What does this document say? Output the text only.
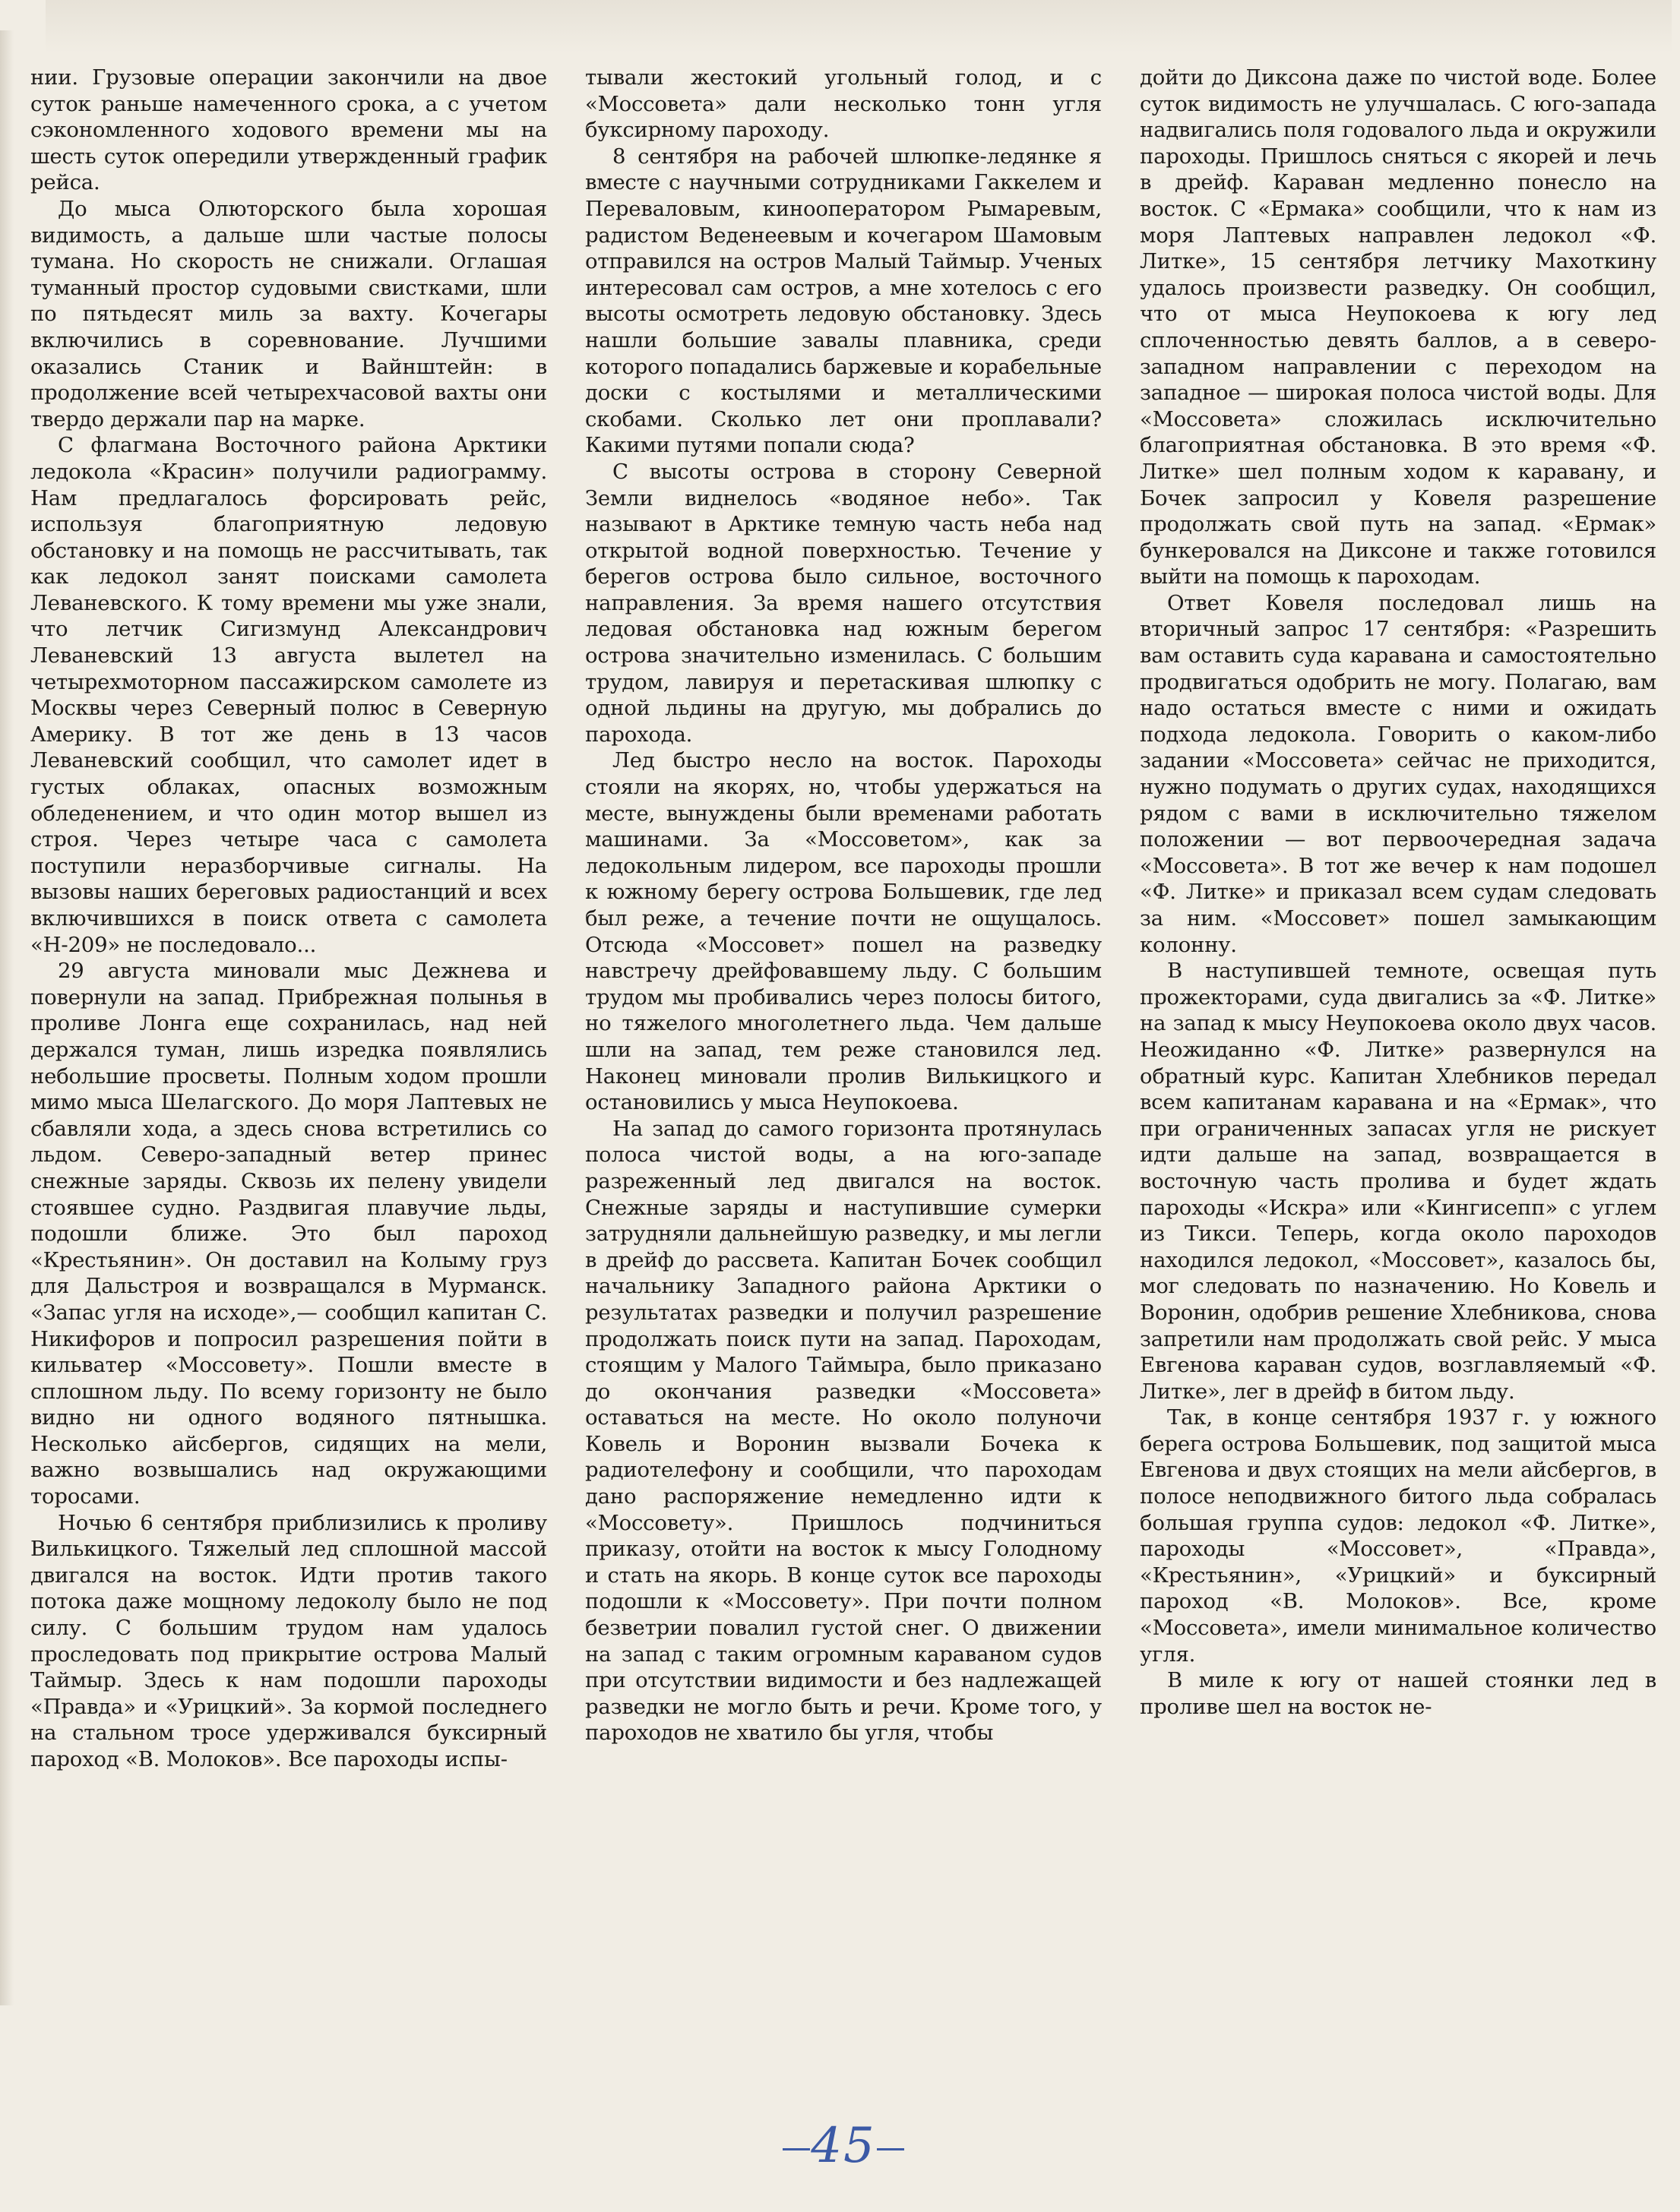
нии. Грузовые операции закончили на двое суток раньше намеченного срока, а с учетом сэкономленного ходового времени мы на шесть суток опередили утвержденный график рейса.

До мыса Олюторского была хорошая видимость, а дальше шли частые полосы тумана. Но скорость не снижали. Оглашая туманный простор судовыми свистками, шли по пятьдесят миль за вахту. Кочегары включились в соревнование. Лучшими оказались Станик и Вайнштейн: в продолжение всей четырехчасовой вахты они твердо держали пар на марке.

С флагмана Восточного района Арктики ледокола «Красин» получили радиограмму. Нам предлагалось форсировать рейс, используя благоприятную ледовую обстановку и на помощь не рассчитывать, так как ледокол занят поисками самолета Леваневского. К тому времени мы уже знали, что летчик Сигизмунд Александрович Леваневский 13 августа вылетел на четырехмоторном пассажирском самолете из Москвы через Северный полюс в Северную Америку. В тот же день в 13 часов Леваневский сообщил, что самолет идет в густых облаках, опасных возможным обледенением, и что один мотор вышел из строя. Через четыре часа с самолета поступили неразборчивые сигналы. На вызовы наших береговых радиостанций и всех включившихся в поиск ответа с самолета «Н-209» не последовало...

29 августа миновали мыс Дежнева и повернули на запад. Прибрежная полынья в проливе Лонга еще сохранилась, над ней держался туман, лишь изредка появлялись небольшие просветы. Полным ходом прошли мимо мыса Шелагского. До моря Лаптевых не сбавляли хода, а здесь снова встретились со льдом. Северо-западный ветер принес снежные заряды. Сквозь их пелену увидели стоявшее судно. Раздвигая плавучие льды, подошли ближе. Это был пароход «Крестьянин». Он доставил на Колыму груз для Дальстроя и возвращался в Мурманск. «Запас угля на исходе»,— сообщил капитан С. Никифоров и попросил разрешения пойти в кильватер «Моссовету». Пошли вместе в сплошном льду. По всему горизонту не было видно ни одного водяного пятнышка. Несколько айсбергов, сидящих на мели, важно возвышались над окружающими торосами.

Ночью 6 сентября приблизились к проливу Вилькицкого. Тяжелый лед сплошной массой двигался на восток. Идти против такого потока даже мощному ледоколу было не под силу. С большим трудом нам удалось проследовать под прикрытие острова Малый Таймыр. Здесь к нам подошли пароходы «Правда» и «Урицкий». За кормой последнего на стальном тросе удерживался буксирный пароход «В. Молоков». Все пароходы испы-

тывали жестокий угольный голод, и с «Моссовета» дали несколько тонн угля буксирному пароходу.

8 сентября на рабочей шлюпке-ледянке я вместе с научными сотрудниками Гаккелем и Переваловым, кинооператором Рымаревым, радистом Веденеевым и кочегаром Шамовым отправился на остров Малый Таймыр. Ученых интересовал сам остров, а мне хотелось с его высоты осмотреть ледовую обстановку. Здесь нашли большие завалы плавника, среди которого попадались баржевые и корабельные доски с костылями и металлическими скобами. Сколько лет они проплавали? Какими путями попали сюда?

С высоты острова в сторону Северной Земли виднелось «водяное небо». Так называют в Арктике темную часть неба над открытой водной поверхностью. Течение у берегов острова было сильное, восточного направления. За время нашего отсутствия ледовая обстановка над южным берегом острова значительно изменилась. С большим трудом, лавируя и перетаскивая шлюпку с одной льдины на другую, мы добрались до парохода.

Лед быстро несло на восток. Пароходы стояли на якорях, но, чтобы удержаться на месте, вынуждены были временами работать машинами. За «Моссоветом», как за ледокольным лидером, все пароходы прошли к южному берегу острова Большевик, где лед был реже, а течение почти не ощущалось. Отсюда «Моссовет» пошел на разведку навстречу дрейфовавшему льду. С большим трудом мы пробивались через полосы битого, но тяжелого многолетнего льда. Чем дальше шли на запад, тем реже становился лед. Наконец миновали пролив Вилькицкого и остановились у мыса Неупокоева.

На запад до самого горизонта протянулась полоса чистой воды, а на юго-западе разреженный лед двигался на восток. Снежные заряды и наступившие сумерки затрудняли дальнейшую разведку, и мы легли в дрейф до рассвета. Капитан Бочек сообщил начальнику Западного района Арктики о результатах разведки и получил разрешение продолжать поиск пути на запад. Пароходам, стоящим у Малого Таймыра, было приказано до окончания разведки «Моссовета» оставаться на месте. Но около полуночи Ковель и Воронин вызвали Бочека к радиотелефону и сообщили, что пароходам дано распоряжение немедленно идти к «Моссовету». Пришлось подчиниться приказу, отойти на восток к мысу Голодному и стать на якорь. В конце суток все пароходы подошли к «Моссовету». При почти полном безветрии повалил густой снег. О движении на запад с таким огромным караваном судов при отсутствии видимости и без надлежащей разведки не могло быть и речи. Кроме того, у пароходов не хватило бы угля, чтобы

дойти до Диксона даже по чистой воде. Более суток видимость не улучшалась. С юго-запада надвигались поля годовалого льда и окружили пароходы. Пришлось сняться с якорей и лечь в дрейф. Караван медленно понесло на восток. С «Ермака» сообщили, что к нам из моря Лаптевых направлен ледокол «Ф. Литке», 15 сентября летчику Махоткину удалось произвести разведку. Он сообщил, что от мыса Неупокоева к югу лед сплоченностью девять баллов, а в северо-западном направлении с переходом на западное — широкая полоса чистой воды. Для «Моссовета» сложилась исключительно благоприятная обстановка. В это время «Ф. Литке» шел полным ходом к каравану, и Бочек запросил у Ковеля разрешение продолжать свой путь на запад. «Ермак» бункеровался на Диксоне и также готовился выйти на помощь к пароходам.

Ответ Ковеля последовал лишь на вторичный запрос 17 сентября: «Разрешить вам оставить суда каравана и самостоятельно продвигаться одобрить не могу. Полагаю, вам надо остаться вместе с ними и ожидать подхода ледокола. Говорить о каком-либо задании «Моссовета» сейчас не приходится, нужно подумать о других судах, находящихся рядом с вами в исключительно тяжелом положении — вот первоочередная задача «Моссовета». В тот же вечер к нам подошел «Ф. Литке» и приказал всем судам следовать за ним. «Моссовет» пошел замыкающим колонну.

В наступившей темноте, освещая путь прожекторами, суда двигались за «Ф. Литке» на запад к мысу Неупокоева около двух часов. Неожиданно «Ф. Литке» развернулся на обратный курс. Капитан Хлебников передал всем капитанам каравана и на «Ермак», что при ограниченных запасах угля не рискует идти дальше на запад, возвращается в восточную часть пролива и будет ждать пароходы «Искра» или «Кингисепп» с углем из Тикси. Теперь, когда около пароходов находился ледокол, «Моссовет», казалось бы, мог следовать по назначению. Но Ковель и Воронин, одобрив решение Хлебникова, снова запретили нам продолжать свой рейс. У мыса Евгенова караван судов, возглавляемый «Ф. Литке», лег в дрейф в битом льду.

Так, в конце сентября 1937 г. у южного берега острова Большевик, под защитой мыса Евгенова и двух стоящих на мели айсбергов, в полосе неподвижного битого льда собралась большая группа судов: ледокол «Ф. Литке», пароходы «Моссовет», «Правда», «Крестьянин», «Урицкий» и буксирный пароход «В. Молоков». Все, кроме «Моссовета», имели минимальное количество угля.

В миле к югу от нашей стоянки лед в проливе шел на восток не-

45
